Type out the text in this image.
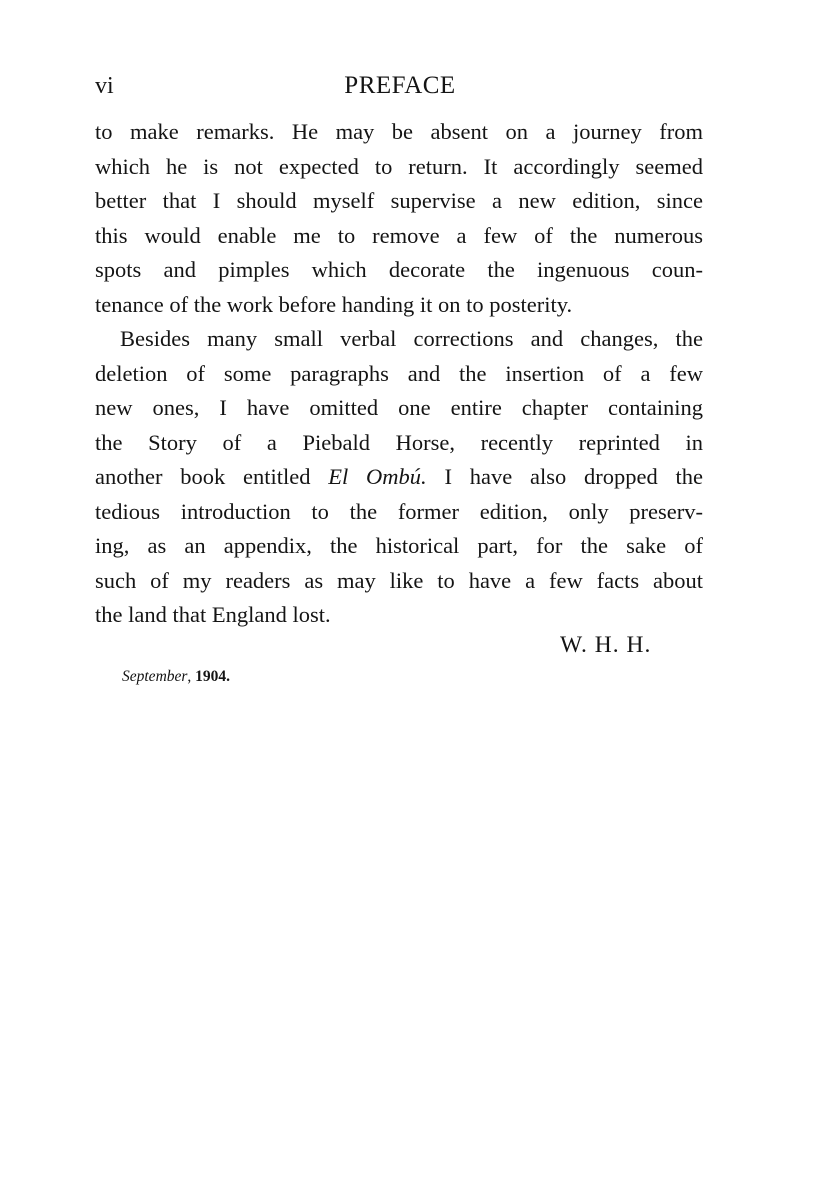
vi	PREFACE
to make remarks. He may be absent on a journey from
which he is not expected to return. It accordingly seemed
better that I should myself supervise a new edition, since
this would enable me to remove a few of the numerous
spots and pimples which decorate the ingenuous coun-
tenance of the work before handing it on to posterity.
Besides many small verbal corrections and changes, the
deletion of some paragraphs and the insertion of a few
new ones, I have omitted one entire chapter containing
the Story of a Piebald Horse, recently reprinted in
another book entitled El Ombú. I have also dropped the
tedious introduction to the former edition, only preserv-
ing, as an appendix, the historical part, for the sake of
such of my readers as may like to have a few facts about
the land that England lost.
W. H. H.
September, 1904.
